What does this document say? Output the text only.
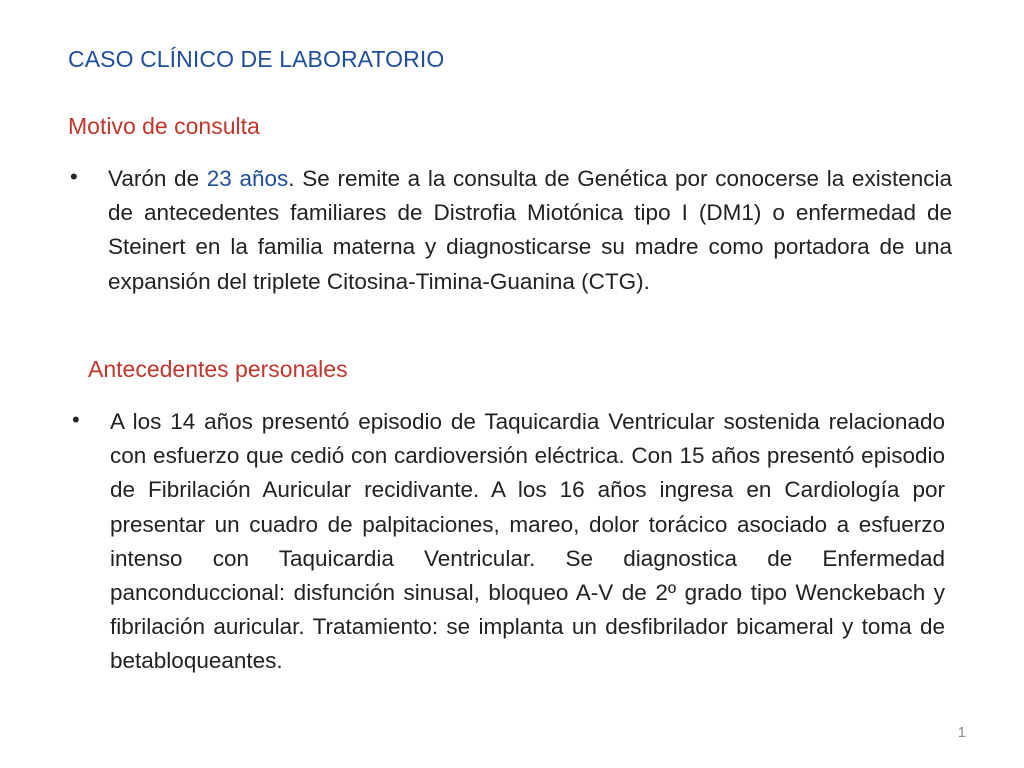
CASO CLÍNICO DE LABORATORIO
Motivo de consulta
• Varón de 23 años. Se remite a la consulta de Genética por conocerse la existencia de antecedentes familiares de Distrofia Miotónica tipo I (DM1) o enfermedad de Steinert en la familia materna y diagnosticarse su madre como portadora de una expansión del triplete Citosina-Timina-Guanina (CTG).

Antecedentes personales
• A los 14 años presentó episodio de Taquicardia Ventricular sostenida relacionado con esfuerzo que cedió con cardioversión eléctrica. Con 15 años presentó episodio de Fibrilación Auricular recidivante. A los 16 años ingresa en Cardiología por presentar un cuadro de palpitaciones, mareo, dolor torácico asociado a esfuerzo intenso con Taquicardia Ventricular. Se diagnostica de Enfermedad panconduccional: disfunción sinusal, bloqueo A-V de 2º grado tipo Wenckebach y fibrilación auricular. Tratamiento: se implanta un desfibrilador bicameral y toma de betabloqueantes.

1
